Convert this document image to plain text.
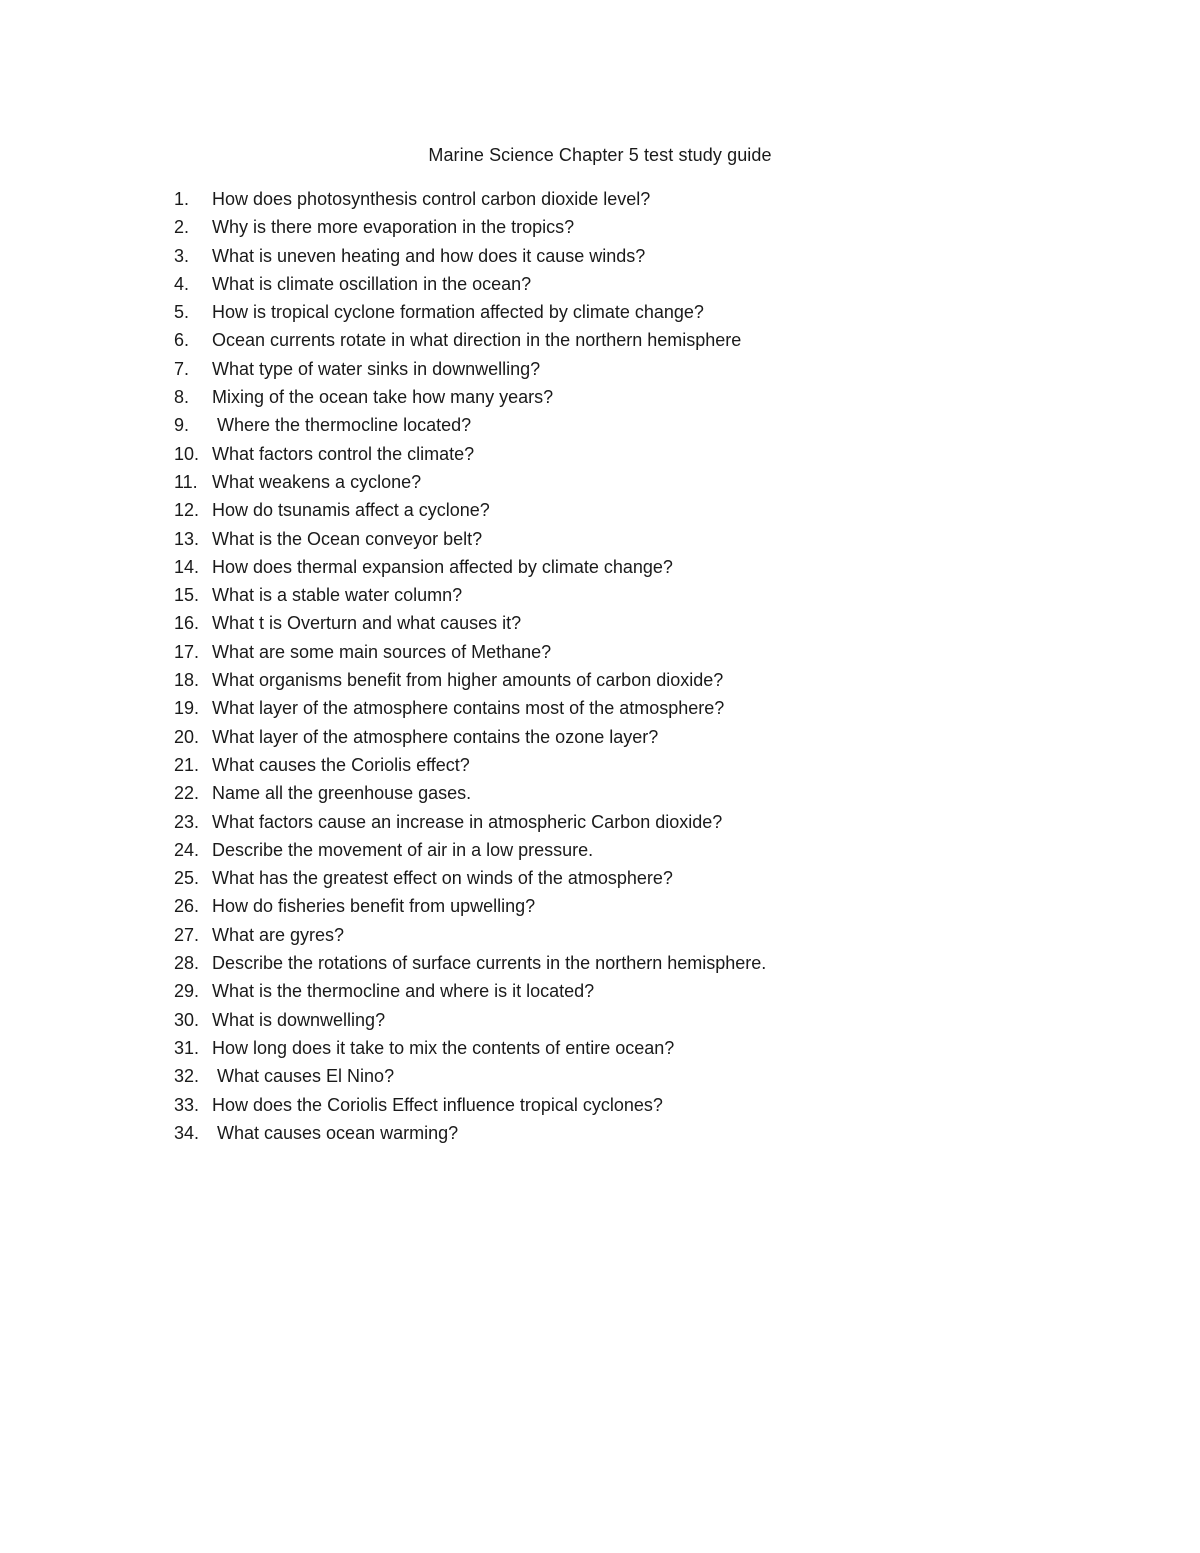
Marine Science Chapter 5 test study guide
1.	How does photosynthesis control carbon dioxide level?
2.	Why is there more evaporation in the tropics?
3.	What is uneven heating and how does it cause winds?
4.	What is climate oscillation in the ocean?
5.	How is tropical cyclone formation affected by climate change?
6.	Ocean currents rotate in what direction in the northern hemisphere
7.	What type of water sinks in downwelling?
8.	Mixing of the ocean take how many years?
9.	Where the thermocline located?
10. What factors control the climate?
11. What weakens a cyclone?
12. How do tsunamis affect a cyclone?
13. What is the Ocean conveyor belt?
14. How does thermal expansion affected by climate change?
15. What is a stable water column?
16. What t is Overturn and what causes it?
17. What are some main sources of Methane?
18. What organisms benefit from higher amounts of carbon dioxide?
19. What layer of the atmosphere contains most of the atmosphere?
20. What layer of the atmosphere contains the ozone layer?
21. What causes the Coriolis effect?
22. Name all the greenhouse gases.
23. What factors cause an increase in atmospheric Carbon dioxide?
24. Describe the movement of air in a low pressure.
25. What has the greatest effect on winds of the atmosphere?
26. How do fisheries benefit from upwelling?
27. What are gyres?
28. Describe the rotations of surface currents in the northern hemisphere.
29. What is the thermocline and where is it located?
30. What is downwelling?
31. How long does it take to mix the contents of entire ocean?
32. What causes El Nino?
33. How does the Coriolis Effect influence tropical cyclones?
34. What causes ocean warming?
